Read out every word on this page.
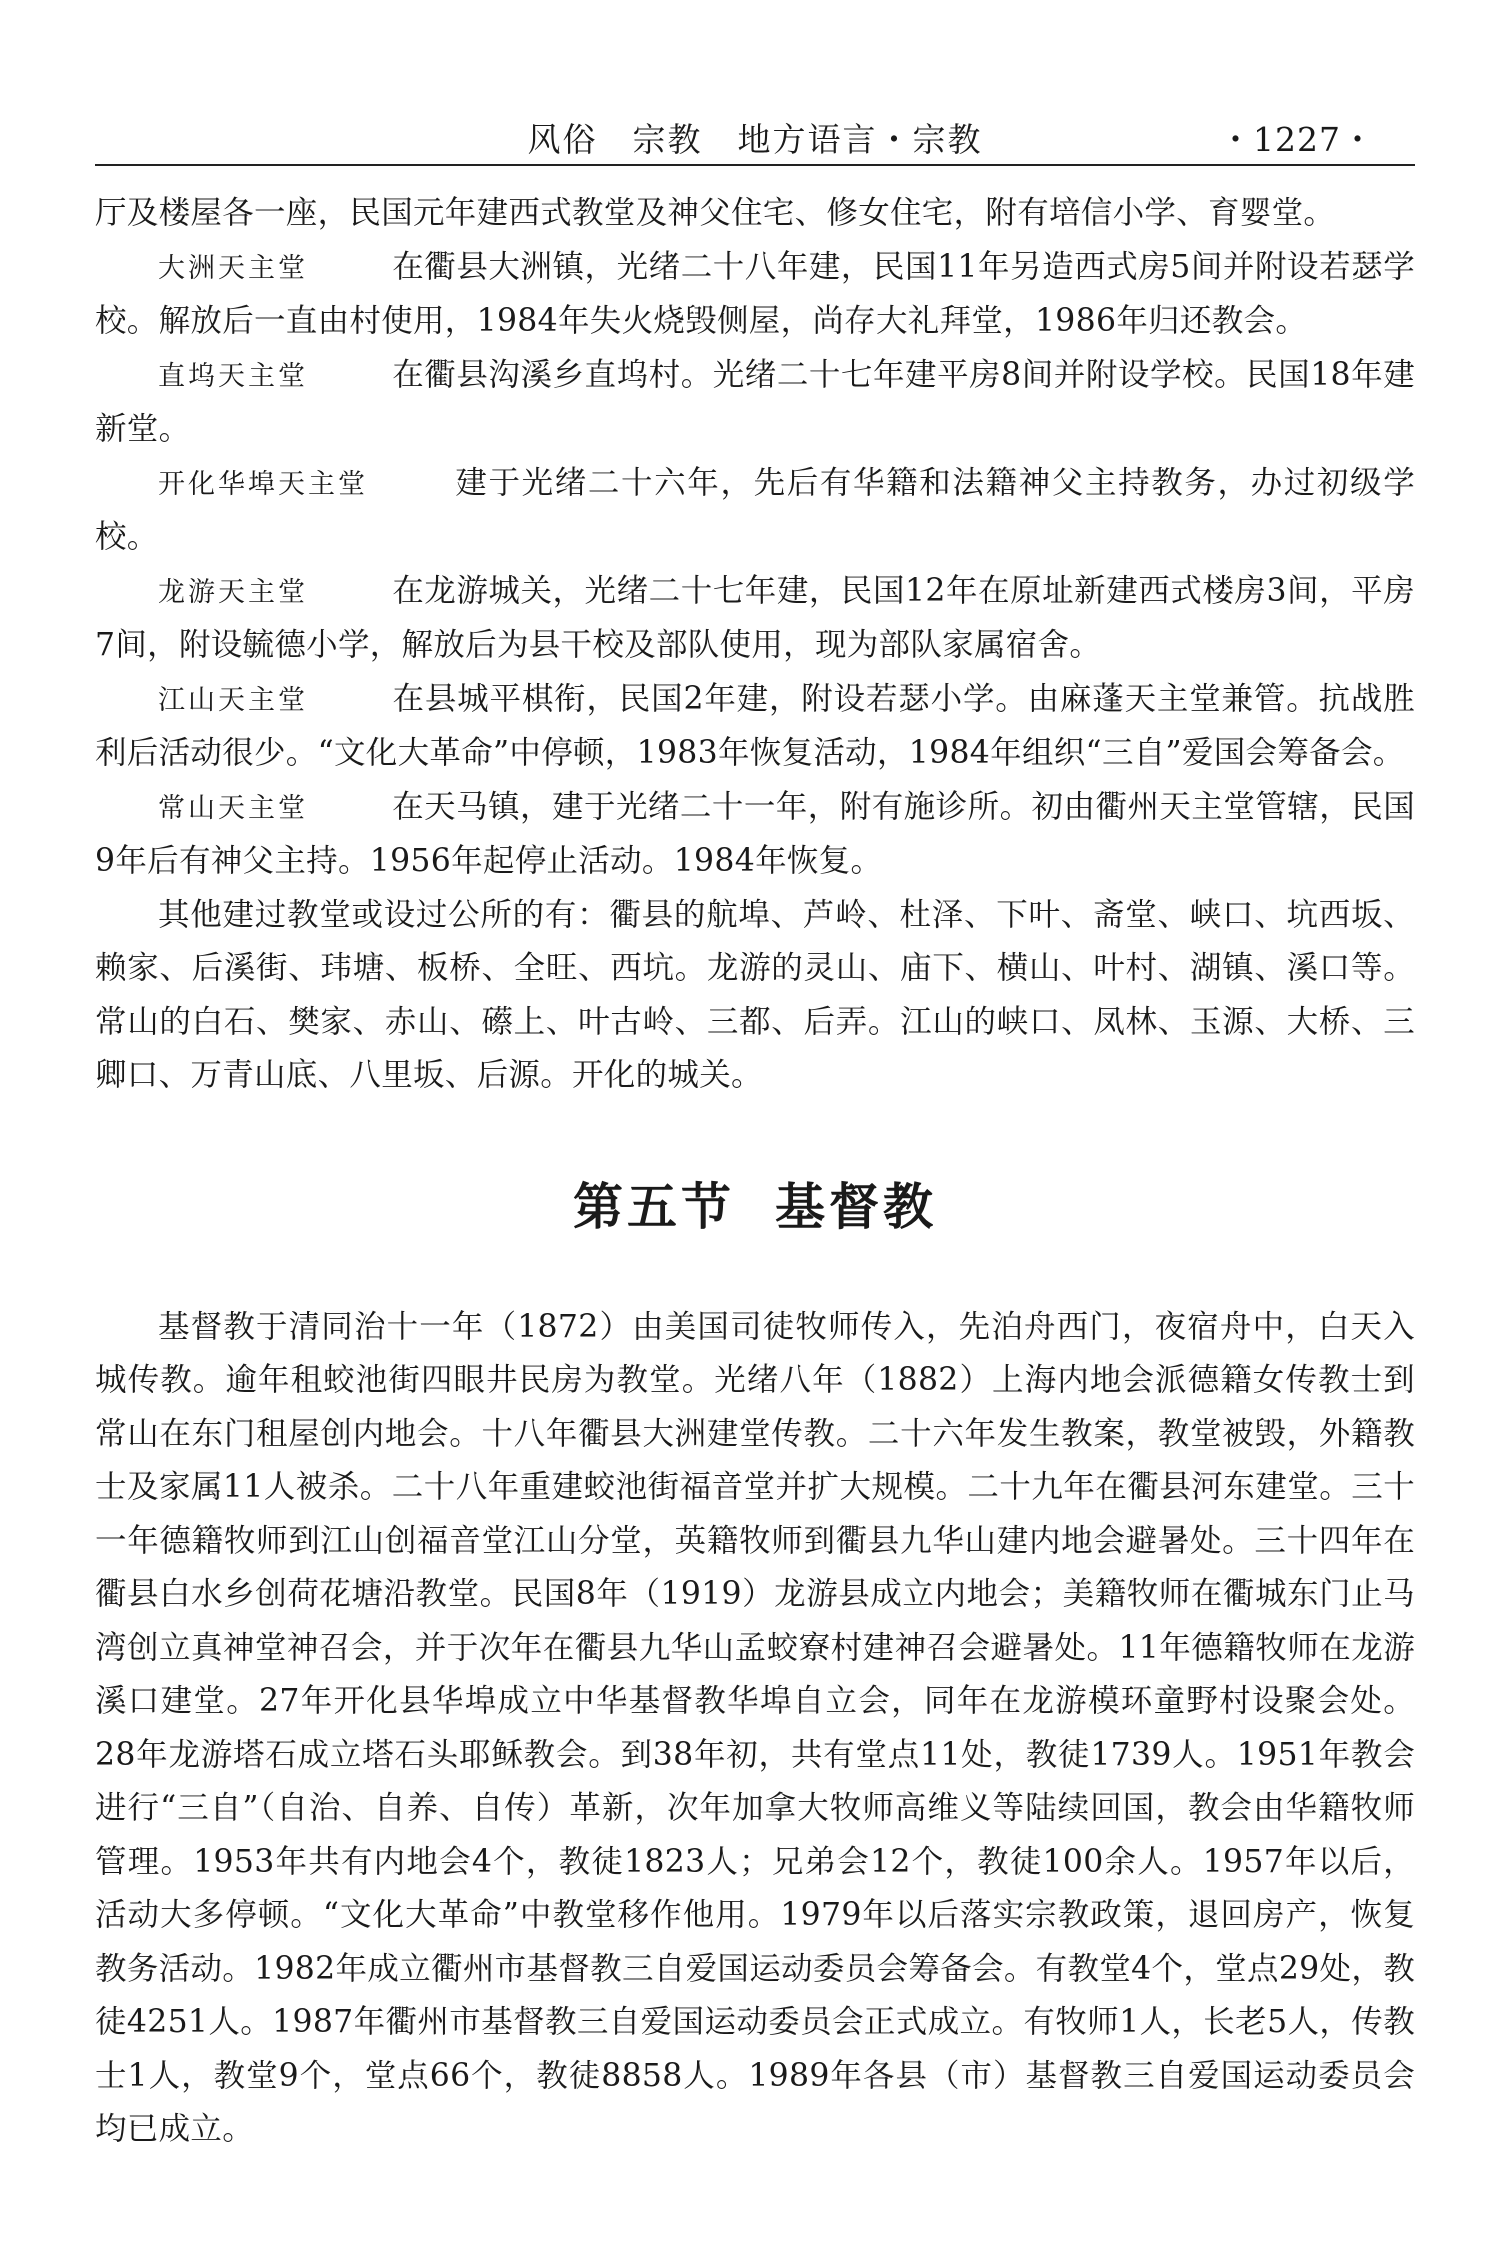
风俗　宗教　地方语言・宗教	・1227・

厅及楼屋各一座，民国元年建西式教堂及神父住宅、修女住宅，附有培信小学、育婴堂。

大洲天主堂	在衢县大洲镇，光绪二十八年建，民国11年另造西式房5间并附设若瑟学校。解放后一直由村使用，1984年失火烧毁侧屋，尚存大礼拜堂，1986年归还教会。

直坞天主堂	在衢县沟溪乡直坞村。光绪二十七年建平房8间并附设学校。民国18年建新堂。

开化华埠天主堂	建于光绪二十六年，先后有华籍和法籍神父主持教务，办过初级学校。

龙游天主堂	在龙游城关，光绪二十七年建，民国12年在原址新建西式楼房3间，平房7间，附设毓德小学，解放后为县干校及部队使用，现为部队家属宿舍。

江山天主堂	在县城平棋衔，民国2年建，附设若瑟小学。由麻蓬天主堂兼管。抗战胜利后活动很少。“文化大革命”中停顿，1983年恢复活动，1984年组织“三自”爱国会筹备会。

常山天主堂	在天马镇，建于光绪二十一年，附有施诊所。初由衢州天主堂管辖，民国9年后有神父主持。1956年起停止活动。1984年恢复。

其他建过教堂或设过公所的有：衢县的航埠、芦岭、杜泽、下叶、斋堂、峡口、坑西坂、赖家、后溪街、玮塘、板桥、全旺、西坑。龙游的灵山、庙下、横山、叶村、湖镇、溪口等。常山的白石、樊家、赤山、礤上、叶古岭、三都、后弄。江山的峡口、凤林、玉源、大桥、三卿口、万青山底、八里坂、后源。开化的城关。

第五节 基督教

基督教于清同治十一年（1872）由美国司徒牧师传入，先泊舟西门，夜宿舟中，白天入城传教。逾年租蛟池街四眼井民房为教堂。光绪八年（1882）上海内地会派德籍女传教士到常山在东门租屋创内地会。十八年衢县大洲建堂传教。二十六年发生教案，教堂被毁，外籍教士及家属11人被杀。二十八年重建蛟池街福音堂并扩大规模。二十九年在衢县河东建堂。三十一年德籍牧师到江山创福音堂江山分堂，英籍牧师到衢县九华山建内地会避暑处。三十四年在衢县白水乡创荷花塘沿教堂。民国8年（1919）龙游县成立内地会；美籍牧师在衢城东门止马湾创立真神堂神召会，并于次年在衢县九华山孟蛟寮村建神召会避暑处。11年德籍牧师在龙游溪口建堂。27年开化县华埠成立中华基督教华埠自立会，同年在龙游模环童野村设聚会处。28年龙游塔石成立塔石头耶稣教会。到38年初，共有堂点11处，教徒1739人。1951年教会进行“三自”（自治、自养、自传）革新，次年加拿大牧师高维义等陆续回国，教会由华籍牧师管理。1953年共有内地会4个，教徒1823人；兄弟会12个，教徒100余人。1957年以后，活动大多停顿。“文化大革命”中教堂移作他用。1979年以后落实宗教政策，退回房产，恢复教务活动。1982年成立衢州市基督教三自爱国运动委员会筹备会。有教堂4个，堂点29处，教徒4251人。1987年衢州市基督教三自爱国运动委员会正式成立。有牧师1人，长老5人，传教士1人，教堂9个，堂点66个，教徒8858人。1989年各县（市）基督教三自爱国运动委员会均已成立。
